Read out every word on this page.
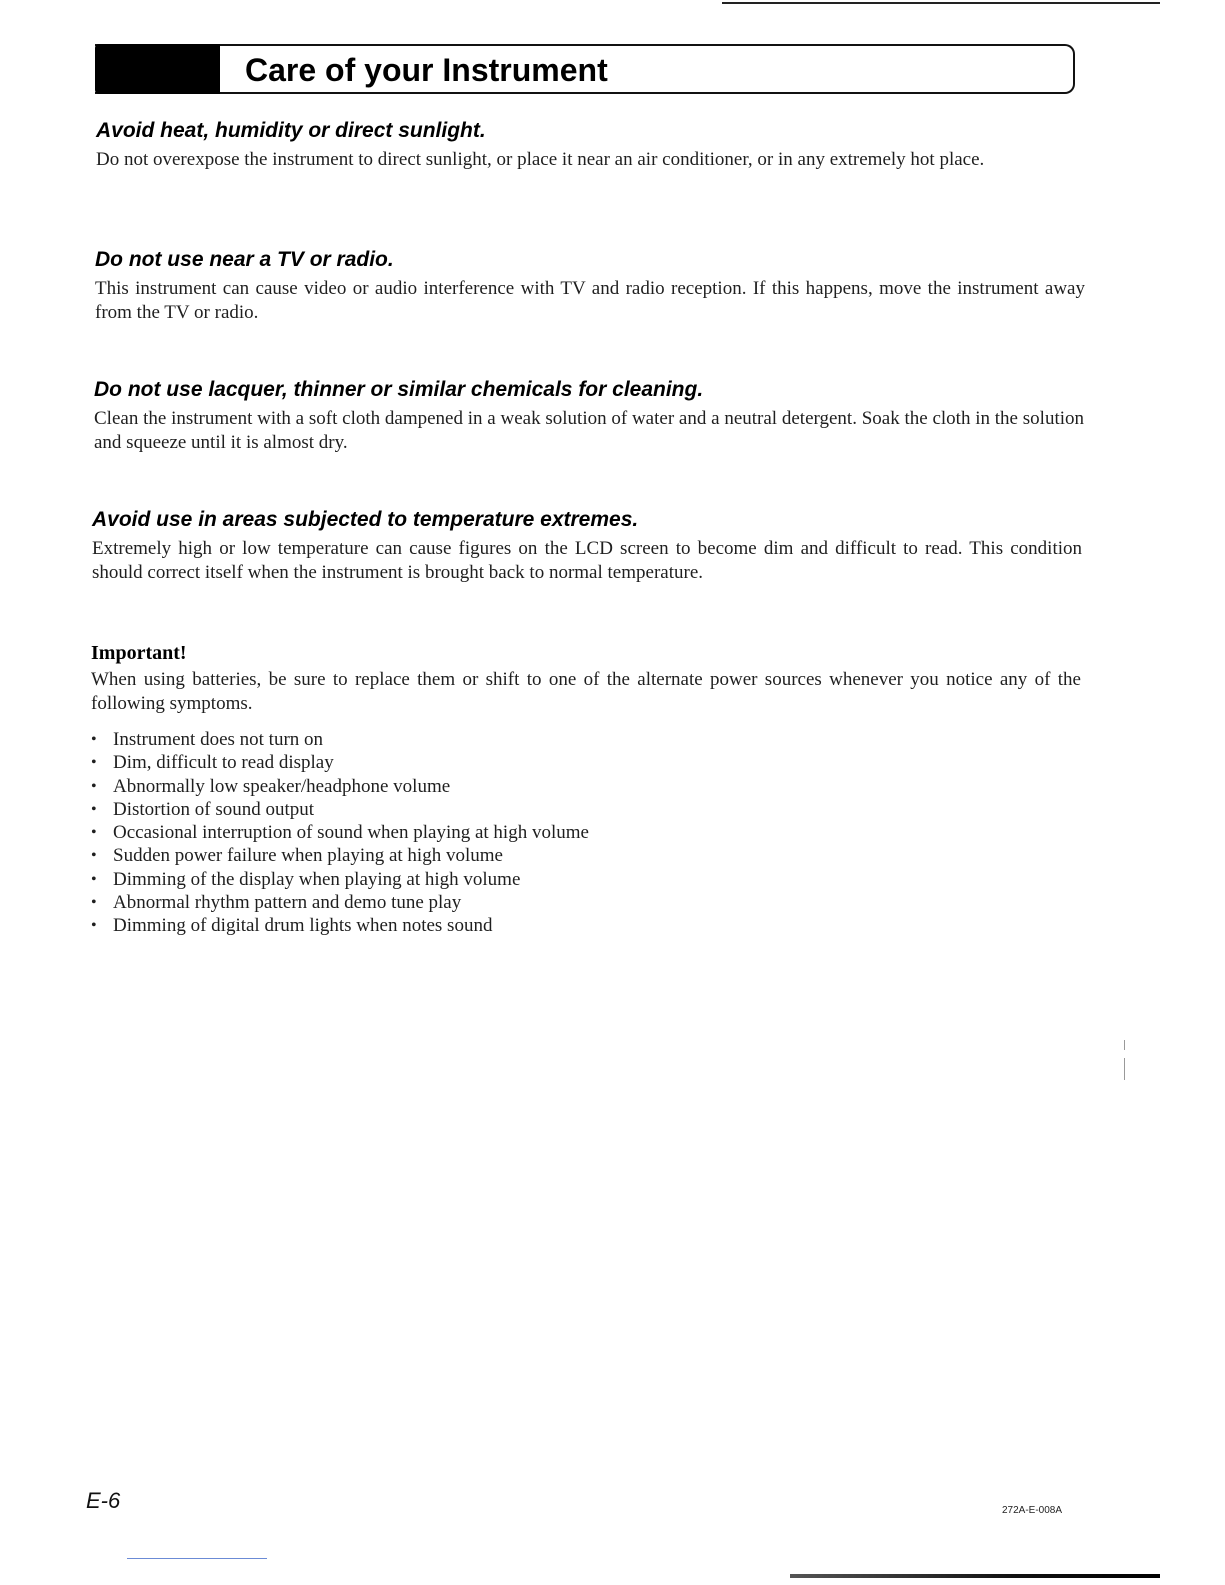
Care of your Instrument
Avoid heat, humidity or direct sunlight.

Do not overexpose the instrument to direct sunlight, or place it near an air conditioner, or in any extremely hot place.

Do not use near a TV or radio.

This instrument can cause video or audio interference with TV and radio reception. If this happens, move the instrument away from the TV or radio.

Do not use lacquer, thinner or similar chemicals for cleaning.

Clean the instrument with a soft cloth dampened in a weak solution of water and a neutral detergent. Soak the cloth in the solution and squeeze until it is almost dry.

Avoid use in areas subjected to temperature extremes.

Extremely high or low temperature can cause figures on the LCD screen to become dim and difficult to read. This condition should correct itself when the instrument is brought back to normal temperature.

Important!

When using batteries, be sure to replace them or shift to one of the alternate power sources whenever you notice any of the following symptoms.

• Instrument does not turn on
• Dim, difficult to read display
• Abnormally low speaker/headphone volume
• Distortion of sound output
• Occasional interruption of sound when playing at high volume
• Sudden power failure when playing at high volume
• Dimming of the display when playing at high volume
• Abnormal rhythm pattern and demo tune play
• Dimming of digital drum lights when notes sound
E-6	272A-E-008A
